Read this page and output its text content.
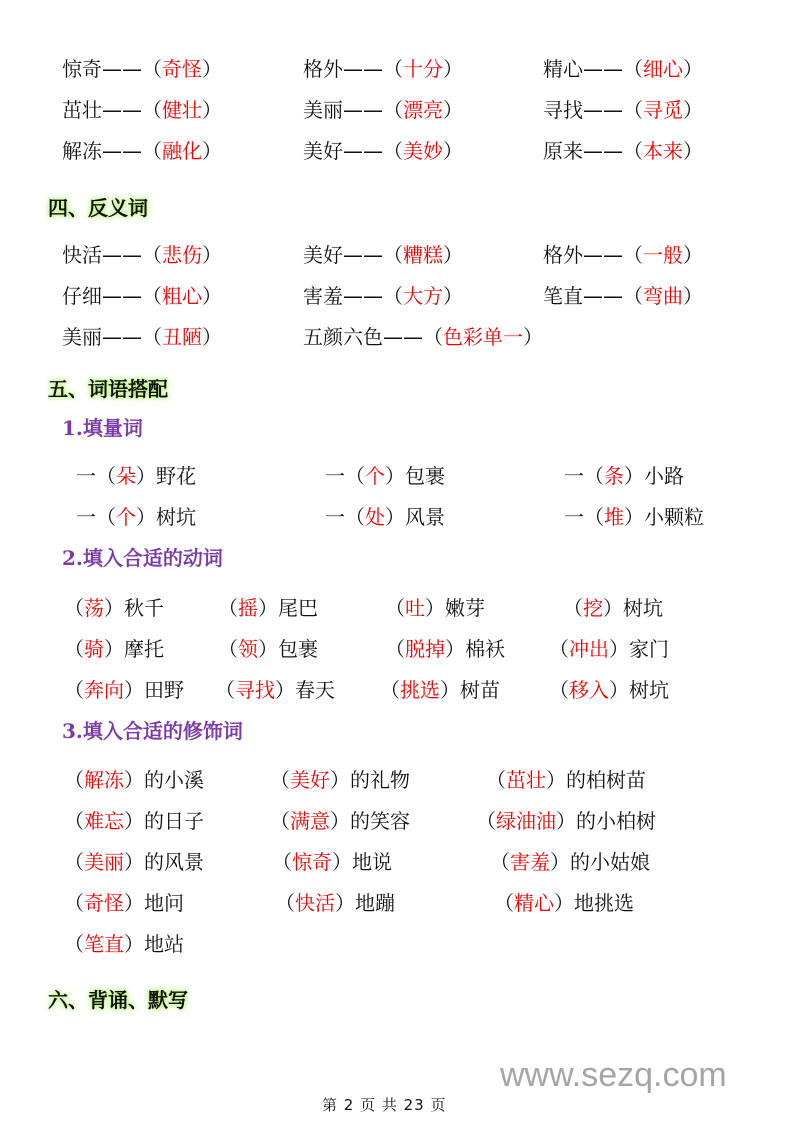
惊奇——（奇怪）	格外——（十分）	精心——（细心）
茁壮——（健壮）	美丽——（漂亮）	寻找——（寻觅）
解冻——（融化）	美好——（美妙）	原来——（本来）
四、反义词
快活——（悲伤）	美好——（糟糕）	格外——（一般）
仔细——（粗心）	害羞——（大方）	笔直——（弯曲）
美丽——（丑陋）	五颜六色——（色彩单一）
五、词语搭配
1.填量词
一（朵）野花	一（个）包裹	一（条）小路
一（个）树坑	一（处）风景	一（堆）小颗粒
2.填入合适的动词
（荡）秋千	（摇）尾巴	（吐）嫩芽	（挖）树坑
（骑）摩托	（领）包裹	（脱掉）棉袄 （冲出）家门
（奔向）田野 （寻找）春天 （挑选）树苗 （移入）树坑
3.填入合适的修饰词
（解冻）的小溪	（美好）的礼物	（茁壮）的柏树苗
（难忘）的日子	（满意）的笑容	（绿油油）的小柏树
（美丽）的风景	（惊奇）地说	（害羞）的小姑娘
（奇怪）地问	（快活）地蹦	（精心）地挑选
（笔直）地站
六、背诵、默写
www.sezq.com
第 2 页 共 23 页
